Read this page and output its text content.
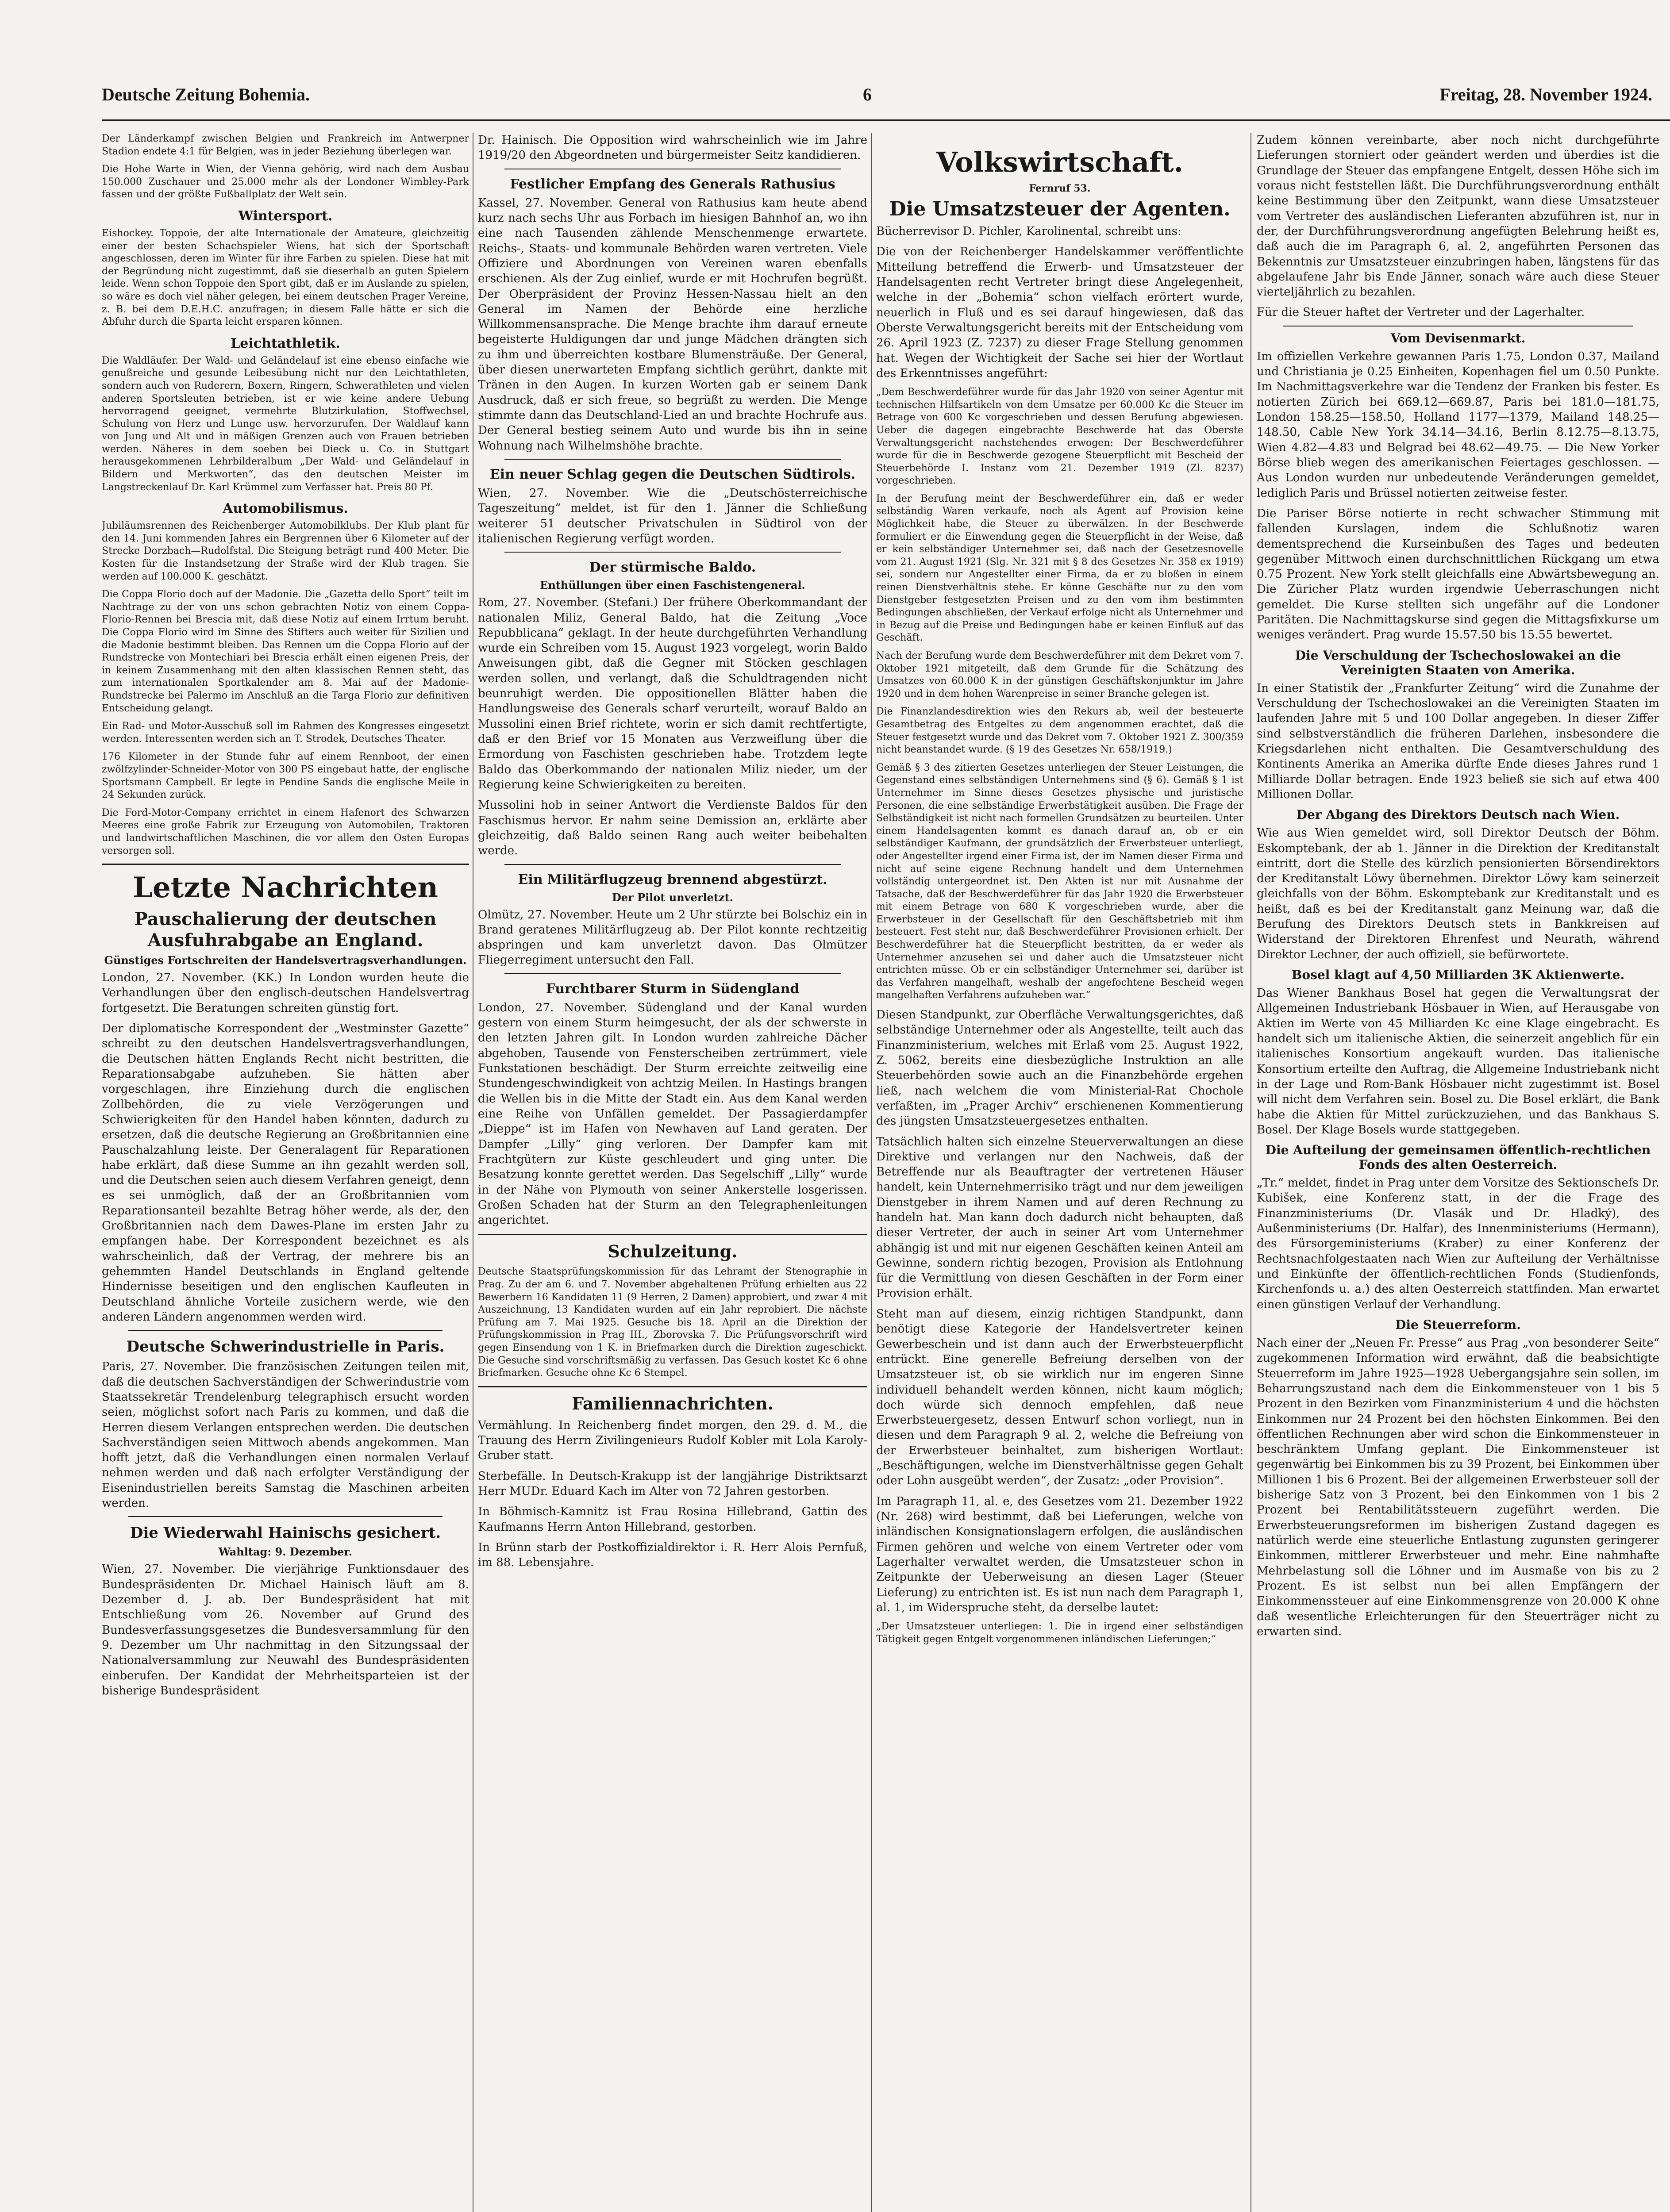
Deutsche Zeitung Bohemia.	6	Freitag, 28. November 1924.

Der Länderkampf zwischen Belgien und Frankreich im Antwerpner Stadion endete 4:1 für Belgien, was in jeder Beziehung überlegen war.

Die Hohe Warte in Wien, der Vienna gehörig, wird nach dem Ausbau 150.000 Zuschauer und 25.000 mehr als der Londoner Wimbley-Park fassen und der größte Fußballplatz der Welt sein.

Wintersport.

Eishockey. Toppoie, der alte Internationale der Amateure, gleichzeitig einer der besten Schachspieler Wiens, hat sich der Sportschaft angeschlossen, deren im Winter für ihre Farben zu spielen. Diese hat mit der Begründung nicht zugestimmt, daß sie dieserhalb an guten Spielern leide. Wenn schon Toppoie den Sport gibt, daß er im Auslande zu spielen, so wäre es doch viel näher gelegen, bei einem deutschen Prager Vereine, z. B. bei dem D.E.H.C. anzufragen; in diesem Falle hätte er sich die Abfuhr durch die Sparta leicht ersparen können.

Leichtathletik.

Die Waldläufer. Der Wald- und Geländelauf ist eine ebenso einfache wie genußreiche und gesunde Leibesübung nicht nur den Leichtathleten, sondern auch von Ruderern, Boxern, Ringern, Schwerathleten und vielen anderen Sportsleuten betrieben, ist er wie keine andere Uebung hervorragend geeignet, vermehrte Blutzirkulation, Stoffwechsel, Schulung von Herz und Lunge usw. hervorzurufen. Der Waldlauf kann von Jung und Alt und in mäßigen Grenzen auch von Frauen betrieben werden. Näheres in dem soeben bei Dieck u. Co. in Stuttgart herausgekommenen Lehrbilderalbum „Der Wald- und Geländelauf in Bildern und Merkworten“, das den deutschen Meister im Langstreckenlauf Dr. Karl Krümmel zum Verfasser hat. Preis 80 Pf.

Automobilismus.

Jubiläumsrennen des Reichenberger Automobilklubs. Der Klub plant für den 14. Juni kommenden Jahres ein Bergrennen über 6 Kilometer auf der Strecke Dorzbach—Rudolfstal. Die Steigung beträgt rund 400 Meter. Die Kosten für die Instandsetzung der Straße wird der Klub tragen. Sie werden auf 100.000 K. geschätzt.

Die Coppa Florio doch auf der Madonie. Die „Gazetta dello Sport“ teilt im Nachtrage zu der von uns schon gebrachten Notiz von einem Coppa-Florio-Rennen bei Brescia mit, daß diese Notiz auf einem Irrtum beruht. Die Coppa Florio wird im Sinne des Stifters auch weiter für Sizilien und die Madonie bestimmt bleiben. Das Rennen um die Coppa Florio auf der Rundstrecke von Montechiari bei Brescia erhält einen eigenen Preis, der in keinem Zusammenhang mit den alten klassischen Rennen steht, das zum internationalen Sportkalender am 8. Mai auf der Madonie-Rundstrecke bei Palermo im Anschluß an die Targa Florio zur definitiven Entscheidung gelangt.

Ein Rad- und Motor-Ausschuß soll im Rahmen des Kongresses eingesetzt werden. Interessenten werden sich an T. Strodek, Deutsches Theater.

176 Kilometer in der Stunde fuhr auf einem Rennboot, der einen zwölfzylinder-Schneider-Motor von 300 PS eingebaut hatte, der englische Sportsmann Campbell. Er legte in Pendine Sands die englische Meile in 24 Sekunden zurück.

Die Ford-Motor-Company errichtet in einem Hafenort des Schwarzen Meeres eine große Fabrik zur Erzeugung von Automobilen, Traktoren und landwirtschaftlichen Maschinen, die vor allem den Osten Europas versorgen soll.

Letzte Nachrichten
Pauschalierung der deutschen Ausfuhrabgabe an England.
Günstiges Fortschreiten der Handelsvertragsverhandlungen.

London, 27. November. (KK.) In London wurden heute die Verhandlungen über den englisch-deutschen Handelsvertrag fortgesetzt. Die Beratungen schreiten günstig fort.

Der diplomatische Korrespondent der „Westminster Gazette“ schreibt zu den deutschen Handelsvertragsverhandlungen, die Deutschen hätten Englands Recht nicht bestritten, die Reparationsabgabe aufzuheben. Sie hätten aber vorgeschlagen, ihre Einziehung durch die englischen Zollbehörden, die zu viele Verzögerungen und Schwierigkeiten für den Handel haben könnten, dadurch zu ersetzen, daß die deutsche Regierung an Großbritannien eine Pauschalzahlung leiste. Der Generalagent für Reparationen habe erklärt, daß diese Summe an ihn gezahlt werden soll, und die Deutschen seien auch diesem Verfahren geneigt, denn es sei unmöglich, daß der an Großbritannien vom Reparationsanteil bezahlte Betrag höher werde, als der, den Großbritannien nach dem Dawes-Plane im ersten Jahr zu empfangen habe. Der Korrespondent bezeichnet es als wahrscheinlich, daß der Vertrag, der mehrere bis an gehemmten Handel Deutschlands in England geltende Hindernisse beseitigen und den englischen Kaufleuten in Deutschland ähnliche Vorteile zusichern werde, wie den anderen Ländern angenommen werden wird.

Deutsche Schwerindustrielle in Paris.

Paris, 27. November. Die französischen Zeitungen teilen mit, daß die deutschen Sachverständigen der Schwerindustrie vom Staatssekretär Trendelenburg telegraphisch ersucht worden seien, möglichst sofort nach Paris zu kommen, und daß die Herren diesem Verlangen entsprechen werden. Die deutschen Sachverständigen seien Mittwoch abends angekommen. Man hofft jetzt, daß die Verhandlungen einen normalen Verlauf nehmen werden und daß nach erfolgter Verständigung der Eisenindustriellen bereits Samstag die Maschinen arbeiten werden.

Die Wiederwahl Hainischs gesichert.
Wahltag: 9. Dezember.

Wien, 27. November. Die vierjährige Funktionsdauer des Bundespräsidenten Dr. Michael Hainisch läuft am 8. Dezember d. J. ab. Der Bundespräsident hat mit Entschließung vom 26. November auf Grund des Bundesverfassungsgesetzes die Bundesversammlung für den 9. Dezember um Uhr nachmittag in den Sitzungssaal der Nationalversammlung zur Neuwahl des Bundespräsidenten einberufen. Der Kandidat der Mehrheitsparteien ist der bisherige Bundespräsident

Dr. Hainisch. Die Opposition wird wahrscheinlich wie im Jahre 1919/20 den Abgeordneten und bürgermeister Seitz kandidieren.

Festlicher Empfang des Generals Rathusius

Kassel, 27. November. General von Rathusius kam heute abend kurz nach sechs Uhr aus Forbach im hiesigen Bahnhof an, wo ihn eine nach Tausenden zählende Menschenmenge erwartete. Reichs-, Staats- und kommunale Behörden waren vertreten. Viele Offiziere und Abordnungen von Vereinen waren ebenfalls erschienen. Als der Zug einlief, wurde er mit Hochrufen begrüßt. Der Oberpräsident der Provinz Hessen-Nassau hielt an den General im Namen der Behörde eine herzliche Willkommensansprache. Die Menge brachte ihm darauf erneute begeisterte Huldigungen dar und junge Mädchen drängten sich zu ihm und überreichten kostbare Blumensträuße. Der General, über diesen unerwarteten Empfang sichtlich gerührt, dankte mit Tränen in den Augen. In kurzen Worten gab er seinem Dank Ausdruck, daß er sich freue, so begrüßt zu werden. Die Menge stimmte dann das Deutschland-Lied an und brachte Hochrufe aus. Der General bestieg seinem Auto und wurde bis ihn in seine Wohnung nach Wilhelmshöhe brachte.

Ein neuer Schlag gegen die Deutschen Südtirols.

Wien, 27. November. Wie die „Deutschösterreichische Tageszeitung“ meldet, ist für den 1. Jänner die Schließung weiterer 51 deutscher Privatschulen in Südtirol von der italienischen Regierung verfügt worden.

Der stürmische Baldo.
Enthüllungen über einen Faschistengeneral.

Rom, 27. November. (Stefani.) Der frühere Oberkommandant der nationalen Miliz, General Baldo, hat die Zeitung „Voce Repubblicana“ geklagt. In der heute durchgeführten Verhandlung wurde ein Schreiben vom 15. August 1923 vorgelegt, worin Baldo Anweisungen gibt, daß die Gegner mit Stöcken geschlagen werden sollen, und verlangt, daß die Schuldtragenden nicht beunruhigt werden. Die oppositionellen Blätter haben die Handlungsweise des Generals scharf verurteilt, worauf Baldo an Mussolini einen Brief richtete, worin er sich damit rechtfertigte, daß er den Brief vor 15 Monaten aus Verzweiflung über die Ermordung von Faschisten geschrieben habe. Trotzdem legte Baldo das Oberkommando der nationalen Miliz nieder, um der Regierung keine Schwierigkeiten zu bereiten.

Mussolini hob in seiner Antwort die Verdienste Baldos für den Faschismus hervor. Er nahm seine Demission an, erklärte aber gleichzeitig, daß Baldo seinen Rang auch weiter beibehalten werde.

Ein Militärflugzeug brennend abgestürzt.
Der Pilot unverletzt.

Olmütz, 27. November. Heute um 2 Uhr stürzte bei Bolschiz ein in Brand geratenes Militärflugzeug ab. Der Pilot konnte rechtzeitig abspringen und kam unverletzt davon. Das Olmützer Fliegerregiment untersucht den Fall.

Furchtbarer Sturm in Südengland

London, 27. November. Südengland und der Kanal wurden gestern von einem Sturm heimgesucht, der als der schwerste in den letzten Jahren gilt. In London wurden zahlreiche Dächer abgehoben, Tausende von Fensterscheiben zertrümmert, viele Funkstationen beschädigt. Der Sturm erreichte zeitweilig eine Stundengeschwindigkeit von achtzig Meilen. In Hastings brangen die Wellen bis in die Mitte der Stadt ein. Aus dem Kanal werden eine Reihe von Unfällen gemeldet. Der Passagierdampfer „Dieppe“ ist im Hafen von Newhaven auf Land geraten. Der Dampfer „Lilly“ ging verloren. Der Dampfer kam mit Frachtgütern zur Küste geschleudert und ging unter. Die Besatzung konnte gerettet werden. Das Segelschiff „Lilly“ wurde in der Nähe von Plymouth von seiner Ankerstelle losgerissen. Großen Schaden hat der Sturm an den Telegraphenleitungen angerichtet.

Schulzeitung.

Deutsche Staatsprüfungskommission für das Lehramt der Stenographie in Prag. Zu der am 6. und 7. November abgehaltenen Prüfung erhielten aus 22 Bewerbern 16 Kandidaten 11 (9 Herren, 2 Damen) approbiert, und zwar 4 mit Auszeichnung, 13 Kandidaten wurden auf ein Jahr reprobiert. Die nächste Prüfung am 7. Mai 1925. Gesuche bis 18. April an die Direktion der Prüfungskommission in Prag III., Zborovska 7. Die Prüfungsvorschrift wird gegen Einsendung von 1 K. in Briefmarken durch die Direktion zugeschickt. Die Gesuche sind vorschriftsmäßig zu verfassen. Das Gesuch kostet Kc 6 ohne Briefmarken. Gesuche ohne Kc 6 Stempel.

Familiennachrichten.

Vermählung. In Reichenberg findet morgen, den 29. d. M., die Trauung des Herrn Zivilingenieurs Rudolf Kobler mit Lola Karoly-Gruber statt.

Sterbefälle. In Deutsch-Krakupp ist der langjährige Distriktsarzt Herr MUDr. Eduard Kach im Alter von 72 Jahren gestorben.

In Böhmisch-Kamnitz ist Frau Rosina Hillebrand, Gattin des Kaufmanns Herrn Anton Hillebrand, gestorben.

In Brünn starb der Postkoffizialdirektor i. R. Herr Alois Pernfuß, im 88. Lebensjahre.

Volkswirtschaft.
Fernruf 53.
Die Umsatzsteuer der Agenten.

Bücherrevisor D. Pichler, Karolinental, schreibt uns:

Die von der Reichenberger Handelskammer veröffentlichte Mitteilung betreffend die Erwerb- und Umsatzsteuer der Handelsagenten recht Vertreter bringt diese Angelegenheit, welche in der „Bohemia“ schon vielfach erörtert wurde, neuerlich in Fluß und es sei darauf hingewiesen, daß das Oberste Verwaltungsgericht bereits mit der Entscheidung vom 26. April 1923 (Z. 7237) zu dieser Frage Stellung genommen hat. Wegen der Wichtigkeit der Sache sei hier der Wortlaut des Erkenntnisses angeführt:

„Dem Beschwerdeführer wurde für das Jahr 1920 von seiner Agentur mit technischen Hilfsartikeln von dem Umsatze per 60.000 Kc die Steuer im Betrage von 600 Kc vorgeschrieben und dessen Berufung abgewiesen. Ueber die dagegen eingebrachte Beschwerde hat das Oberste Verwaltungsgericht nachstehendes erwogen: Der Beschwerdeführer wurde für die in Beschwerde gezogene Steuerpflicht mit Bescheid der Steuerbehörde I. Instanz vom 21. Dezember 1919 (Zl. 8237) vorgeschrieben.

In der Berufung meint der Beschwerdeführer ein, daß er weder selbständig Waren verkaufe, noch als Agent auf Provision keine Möglichkeit habe, die Steuer zu überwälzen. In der Beschwerde formuliert er die Einwendung gegen die Steuerpflicht in der Weise, daß er kein selbständiger Unternehmer sei, daß nach der Gesetzesnovelle vom 21. August 1921 (Slg. Nr. 321 mit § 8 des Gesetzes Nr. 358 ex 1919) sei, sondern nur Angestellter einer Firma, da er zu bloßen in einem reinen Dienstverhältnis stehe. Er könne Geschäfte nur zu den vom Dienstgeber festgesetzten Preisen und zu den vom ihm bestimmten Bedingungen abschließen, der Verkauf erfolge nicht als Unternehmer und in Bezug auf die Preise und Bedingungen habe er keinen Einfluß auf das Geschäft.

Nach der Berufung wurde dem Beschwerdeführer mit dem Dekret vom 7. Oktober 1921 mitgeteilt, daß dem Grunde für die Schätzung des Umsatzes von 60.000 K in der günstigen Geschäftskonjunktur im Jahre 1920 und in dem hohen Warenpreise in seiner Branche gelegen ist.

Die Finanzlandesdirektion wies den Rekurs ab, weil der besteuerte Gesamtbetrag des Entgeltes zu dem angenommen erachtet, daß die Steuer festgesetzt wurde und das Dekret vom 7. Oktober 1921 Z. 300/359 nicht beanstandet wurde. (§ 19 des Gesetzes Nr. 658/1919.)

Gemäß § 3 des zitierten Gesetzes unterliegen der Steuer Leistungen, die Gegenstand eines selbständigen Unternehmens sind (§ 6). Gemäß § 1 ist Unternehmer im Sinne dieses Gesetzes physische und juristische Personen, die eine selbständige Erwerbstätigkeit ausüben. Die Frage der Selbständigkeit ist nicht nach formellen Grundsätzen zu beurteilen. Unter einem Handelsagenten kommt es danach darauf an, ob er ein selbständiger Kaufmann, der grundsätzlich der Erwerbsteuer unterliegt, oder Angestellter irgend einer Firma ist, der im Namen dieser Firma und nicht auf seine eigene Rechnung handelt und dem Unternehmen vollständig untergeordnet ist. Den Akten ist nur mit Ausnahme der Tatsache, daß der Beschwerdeführer für das Jahr 1920 die Erwerbsteuer mit einem Betrage von 680 K vorgeschrieben wurde, aber die Erwerbsteuer in der Gesellschaft für den Geschäftsbetrieb mit ihm besteuert. Fest steht nur, daß Beschwerdeführer Provisionen erhielt. Der Beschwerdeführer hat die Steuerpflicht bestritten, da er weder als Unternehmer anzusehen sei und daher auch die Umsatzsteuer nicht entrichten müsse. Ob er ein selbständiger Unternehmer sei, darüber ist das Verfahren mangelhaft, weshalb der angefochtene Bescheid wegen mangelhaften Verfahrens aufzuheben war.“

Diesen Standpunkt, zur Oberfläche Verwaltungsgerichtes, daß selbständige Unternehmer oder als Angestellte, teilt auch das Finanzministerium, welches mit Erlaß vom 25. August 1922, Z. 5062, bereits eine diesbezügliche Instruktion an alle Steuerbehörden sowie auch an die Finanzbehörde ergehen ließ, nach welchem die vom Ministerial-Rat Chochole verfaßten, im „Prager Archiv“ erschienenen Kommentierung des jüngsten Umsatzsteuergesetzes enthalten.

Tatsächlich halten sich einzelne Steuerverwaltungen an diese Direktive und verlangen nur den Nachweis, daß der Betreffende nur als Beauftragter der vertretenen Häuser handelt, kein Unternehmerrisiko trägt und nur dem jeweiligen Dienstgeber in ihrem Namen und auf deren Rechnung zu handeln hat. Man kann doch dadurch nicht behaupten, daß dieser Vertreter, der auch in seiner Art vom Unternehmer abhängig ist und mit nur eigenen Geschäften keinen Anteil am Gewinne, sondern richtig bezogen, Provision als Entlohnung für die Vermittlung von diesen Geschäften in der Form einer Provision erhält.

Steht man auf diesem, einzig richtigen Standpunkt, dann benötigt diese Kategorie der Handelsvertreter keinen Gewerbeschein und ist dann auch der Erwerbsteuerpflicht entrückt. Eine generelle Befreiung derselben von der Umsatzsteuer ist, ob sie wirklich nur im engeren Sinne individuell behandelt werden können, nicht kaum möglich; doch würde sich dennoch empfehlen, daß neue Erwerbsteuergesetz, dessen Entwurf schon vorliegt, nun in diesen und dem Paragraph 9 al. 2, welche die Befreiung von der Erwerbsteuer beinhaltet, zum bisherigen Wortlaut: „Beschäftigungen, welche im Dienstverhältnisse gegen Gehalt oder Lohn ausgeübt werden“, der Zusatz: „oder Provision“.

Im Paragraph 11, al. e, des Gesetzes vom 21. Dezember 1922 (Nr. 268) wird bestimmt, daß bei Lieferungen, welche von inländischen Konsignationslagern erfolgen, die ausländischen Firmen gehören und welche von einem Vertreter oder vom Lagerhalter verwaltet werden, die Umsatzsteuer schon in Zeitpunkte der Ueberweisung an diesen Lager (Steuer Lieferung) zu entrichten ist. Es ist nun nach dem Paragraph 1, al. 1, im Widerspruche steht, da derselbe lautet:

„Der Umsatzsteuer unterliegen: 1. Die in irgend einer selbständigen Tätigkeit gegen Entgelt vorgenommenen inländischen Lieferungen;“

Zudem können vereinbarte, aber noch nicht durchgeführte Lieferungen storniert oder geändert werden und überdies ist die Grundlage der Steuer das empfangene Entgelt, dessen Höhe sich im voraus nicht feststellen läßt. Die Durchführungsverordnung enthält keine Bestimmung über den Zeitpunkt, wann diese Umsatzsteuer vom Vertreter des ausländischen Lieferanten abzuführen ist, nur in der, der Durchführungsverordnung angefügten Belehrung heißt es, daß auch die im Paragraph 6, al. 2, angeführten Personen das Bekenntnis zur Umsatzsteuer einzubringen haben, längstens für das abgelaufene Jahr bis Ende Jänner, sonach wäre auch diese Steuer vierteljährlich zu bezahlen.

Für die Steuer haftet der Vertreter und der Lagerhalter.

Vom Devisenmarkt.

Im offiziellen Verkehre gewannen Paris 1.75, London 0.37, Mailand und Christiania je 0.25 Einheiten, Kopenhagen fiel um 0.50 Punkte. Im Nachmittagsverkehre war die Tendenz der Franken bis fester. Es notierten Zürich bei 669.12—669.87, Paris bei 181.0—181.75, London 158.25—158.50, Holland 1177—1379, Mailand 148.25—148.50, Cable New York 34.14—34.16, Berlin 8.12.75—8.13.75, Wien 4.82—4.83 und Belgrad bei 48.62—49.75. — Die New Yorker Börse blieb wegen des amerikanischen Feiertages geschlossen. — Aus London wurden nur unbedeutende Veränderungen gemeldet, lediglich Paris und Brüssel notierten zeitweise fester.

Die Pariser Börse notierte in recht schwacher Stimmung mit fallenden Kurslagen, indem die Schlußnotiz waren dementsprechend die Kurseinbußen des Tages und bedeuten gegenüber Mittwoch einen durchschnittlichen Rückgang um etwa 0.75 Prozent. New York stellt gleichfalls eine Abwärtsbewegung an. Die Züricher Platz wurden irgendwie Ueberraschungen nicht gemeldet. Die Kurse stellten sich ungefähr auf die Londoner Paritäten. Die Nachmittagskurse sind gegen die Mittagsfixkurse um weniges verändert. Prag wurde 15.57.50 bis 15.55 bewertet.

Die Verschuldung der Tschechoslowakei an die Vereinigten Staaten von Amerika.

In einer Statistik der „Frankfurter Zeitung“ wird die Zunahme der Verschuldung der Tschechoslowakei an die Vereinigten Staaten im laufenden Jahre mit 5 und 100 Dollar angegeben. In dieser Ziffer sind selbstverständlich die früheren Darlehen, insbesondere die Kriegsdarlehen nicht enthalten. Die Gesamtverschuldung des Kontinents Amerika an Amerika dürfte Ende dieses Jahres rund 1 Milliarde Dollar betragen. Ende 1923 beließ sie sich auf etwa 400 Millionen Dollar.

Der Abgang des Direktors Deutsch nach Wien.

Wie aus Wien gemeldet wird, soll Direktor Deutsch der Böhm. Eskomptebank, der ab 1. Jänner in die Direktion der Kreditanstalt eintritt, dort die Stelle des kürzlich pensionierten Börsendirektors der Kreditanstalt Löwy übernehmen. Direktor Löwy kam seinerzeit gleichfalls von der Böhm. Eskomptebank zur Kreditanstalt und es heißt, daß es bei der Kreditanstalt ganz Meinung war, daß die Berufung des Direktors Deutsch stets in Bankkreisen auf Widerstand der Direktoren Ehrenfest und Neurath, während Direktor Lechner, der auch offiziell, sie befürwortete.

Bosel klagt auf 4,50 Milliarden 3K Aktienwerte.

Das Wiener Bankhaus Bosel hat gegen die Verwaltungsrat der Allgemeinen Industriebank Hösbauer in Wien, auf Herausgabe von Aktien im Werte von 45 Milliarden Kc eine Klage eingebracht. Es handelt sich um italienische Aktien, die seinerzeit angeblich für ein italienisches Konsortium angekauft wurden. Das italienische Konsortium erteilte den Auftrag, die Allgemeine Industriebank nicht in der Lage und Rom-Bank Hösbauer nicht zugestimmt ist. Bosel will nicht dem Verfahren sein. Bosel zu. Die Bosel erklärt, die Bank habe die Aktien für Mittel zurückzuziehen, und das Bankhaus S. Bosel. Der Klage Bosels wurde stattgegeben.

Die Aufteilung der gemeinsamen öffentlich-rechtlichen Fonds des alten Oesterreich.

„Tr.“ meldet, findet in Prag unter dem Vorsitze des Sektionschefs Dr. Kubišek, eine Konferenz statt, in der die Frage des Finanzministeriums (Dr. Vlasák und Dr. Hladký), des Außenministeriums (Dr. Halfar), des Innenministeriums (Hermann), des Fürsorgeministeriums (Kraber) zu einer Konferenz der Rechtsnachfolgestaaten nach Wien zur Aufteilung der Verhältnisse und Einkünfte der öffentlich-rechtlichen Fonds (Studienfonds, Kirchenfonds u. a.) des alten Oesterreich stattfinden. Man erwartet einen günstigen Verlauf der Verhandlung.

Die Steuerreform.

Nach einer der „Neuen Fr. Presse“ aus Prag „von besonderer Seite“ zugekommenen Information wird erwähnt, daß die beabsichtigte Steuerreform im Jahre 1925—1928 Uebergangsjahre sein sollen, im Beharrungszustand nach dem die Einkommensteuer von 1 bis 5 Prozent in den Bezirken vom Finanzministerium 4 und die höchsten Einkommen nur 24 Prozent bei den höchsten Einkommen. Bei den öffentlichen Rechnungen aber wird schon die Einkommensteuer in beschränktem Umfang geplant. Die Einkommensteuer ist gegenwärtig bei Einkommen bis zu 39 Prozent, bei Einkommen über Millionen 1 bis 6 Prozent. Bei der allgemeinen Erwerbsteuer soll der bisherige Satz von 3 Prozent, bei den Einkommen von 1 bis 2 Prozent bei Rentabilitätssteuern zugeführt werden. Die Erwerbsteuerungsreformen im bisherigen Zustand dagegen es natürlich werde eine steuerliche Entlastung zugunsten geringerer Einkommen, mittlerer Erwerbsteuer und mehr. Eine nahmhafte Mehrbelastung soll die Löhner und im Ausmaße von bis zu 2 Prozent. Es ist selbst nun bei allen Empfängern der Einkommenssteuer auf eine Einkommensgrenze von 20.000 K ohne daß wesentliche Erleichterungen für den Steuerträger nicht zu erwarten sind.
